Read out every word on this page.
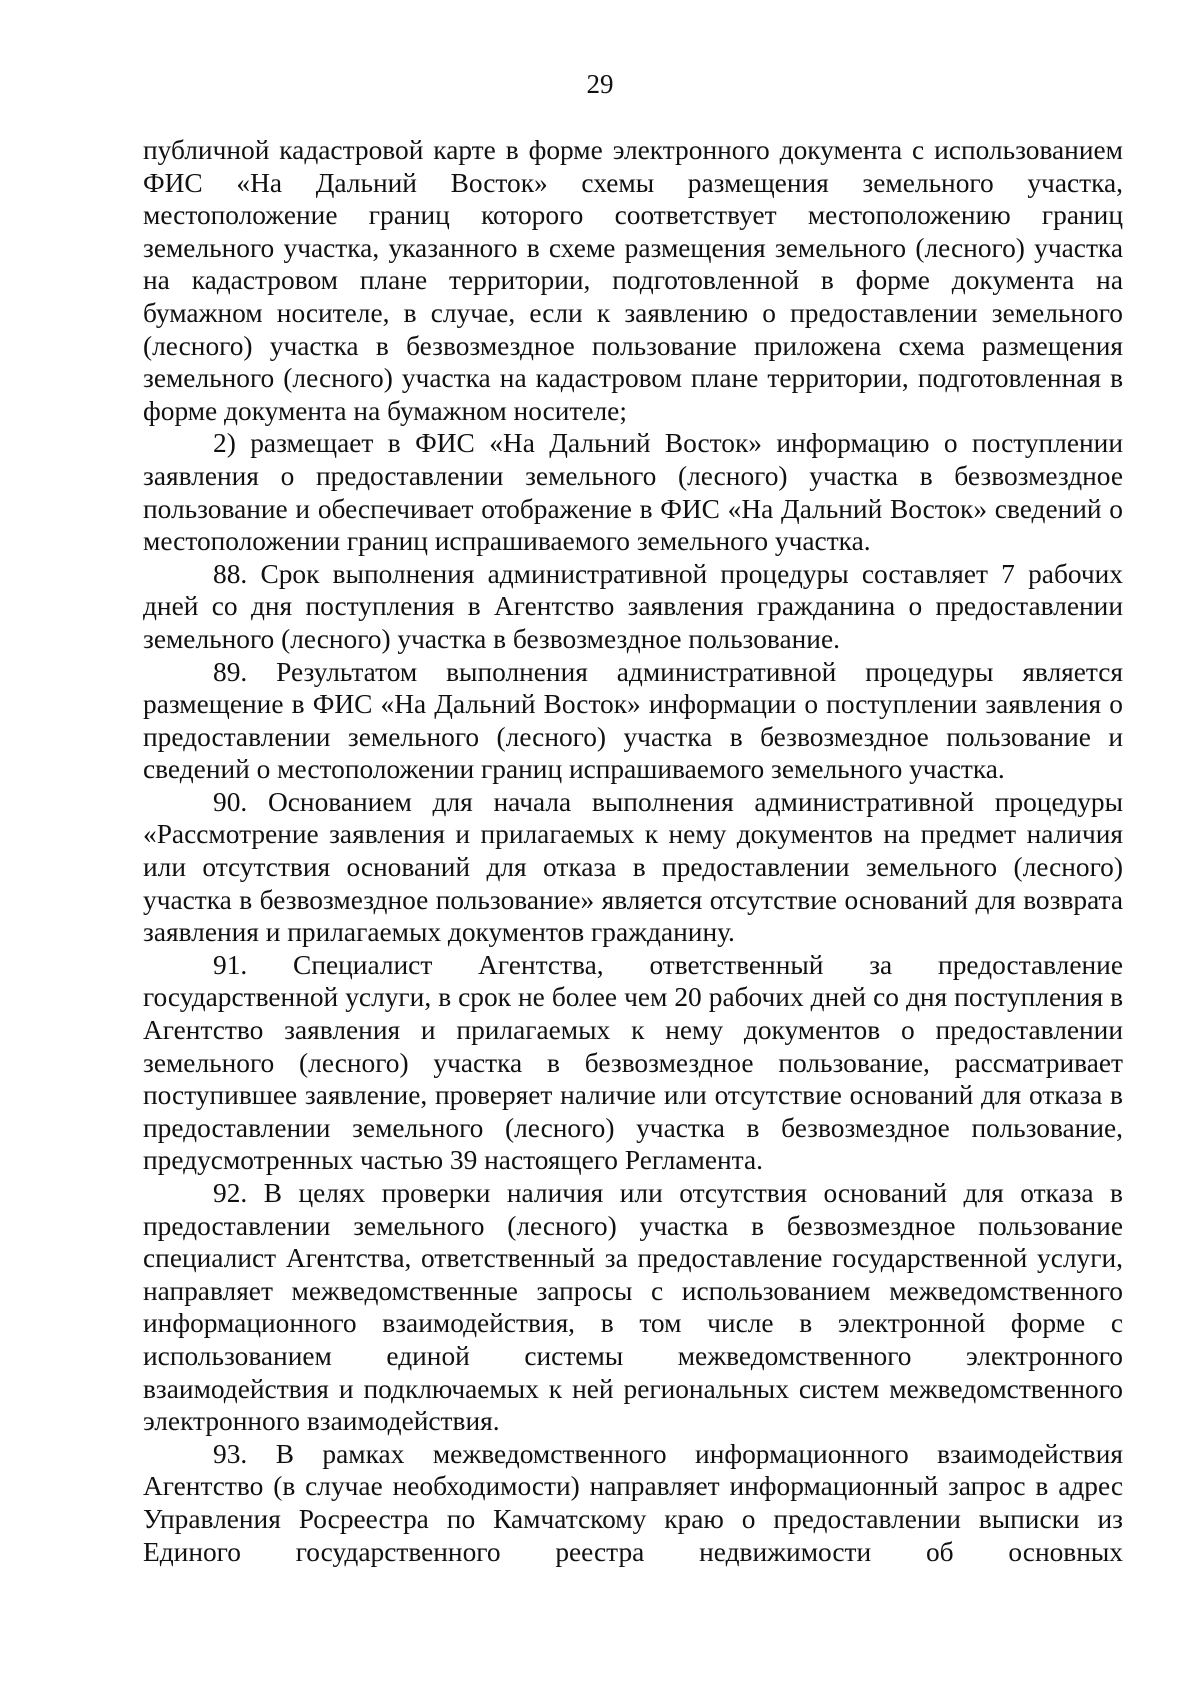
29

публичной кадастровой карте в форме электронного документа с использованием ФИС «На Дальний Восток» схемы размещения земельного участка, местоположение границ которого соответствует местоположению границ земельного участка, указанного в схеме размещения земельного (лесного) участка на кадастровом плане территории, подготовленной в форме документа на бумажном носителе, в случае, если к заявлению о предоставлении земельного (лесного) участка в безвозмездное пользование приложена схема размещения земельного (лесного) участка на кадастровом плане территории, подготовленная в форме документа на бумажном носителе;

2) размещает в ФИС «На Дальний Восток» информацию о поступлении заявления о предоставлении земельного (лесного) участка в безвозмездное пользование и обеспечивает отображение в ФИС «На Дальний Восток» сведений о местоположении границ испрашиваемого земельного участка.

88. Срок выполнения административной процедуры составляет 7 рабочих дней со дня поступления в Агентство заявления гражданина о предоставлении земельного (лесного) участка в безвозмездное пользование.

89. Результатом выполнения административной процедуры является размещение в ФИС «На Дальний Восток» информации о поступлении заявления о предоставлении земельного (лесного) участка в безвозмездное пользование и сведений о местоположении границ испрашиваемого земельного участка.

90. Основанием для начала выполнения административной процедуры «Рассмотрение заявления и прилагаемых к нему документов на предмет наличия или отсутствия оснований для отказа в предоставлении земельного (лесного) участка в безвозмездное пользование» является отсутствие оснований для возврата заявления и прилагаемых документов гражданину.

91. Специалист Агентства, ответственный за предоставление государственной услуги, в срок не более чем 20 рабочих дней со дня поступления в Агентство заявления и прилагаемых к нему документов о предоставлении земельного (лесного) участка в безвозмездное пользование, рассматривает поступившее заявление, проверяет наличие или отсутствие оснований для отказа в предоставлении земельного (лесного) участка в безвозмездное пользование, предусмотренных частью 39 настоящего Регламента.

92. В целях проверки наличия или отсутствия оснований для отказа в предоставлении земельного (лесного) участка в безвозмездное пользование специалист Агентства, ответственный за предоставление государственной услуги, направляет межведомственные запросы с использованием межведомственного информационного взаимодействия, в том числе в электронной форме с использованием единой системы межведомственного электронного взаимодействия и подключаемых к ней региональных систем межведомственного электронного взаимодействия.

93. В рамках межведомственного информационного взаимодействия Агентство (в случае необходимости) направляет информационный запрос в адрес Управления Росреестра по Камчатскому краю о предоставлении выписки из Единого государственного реестра недвижимости об основных
